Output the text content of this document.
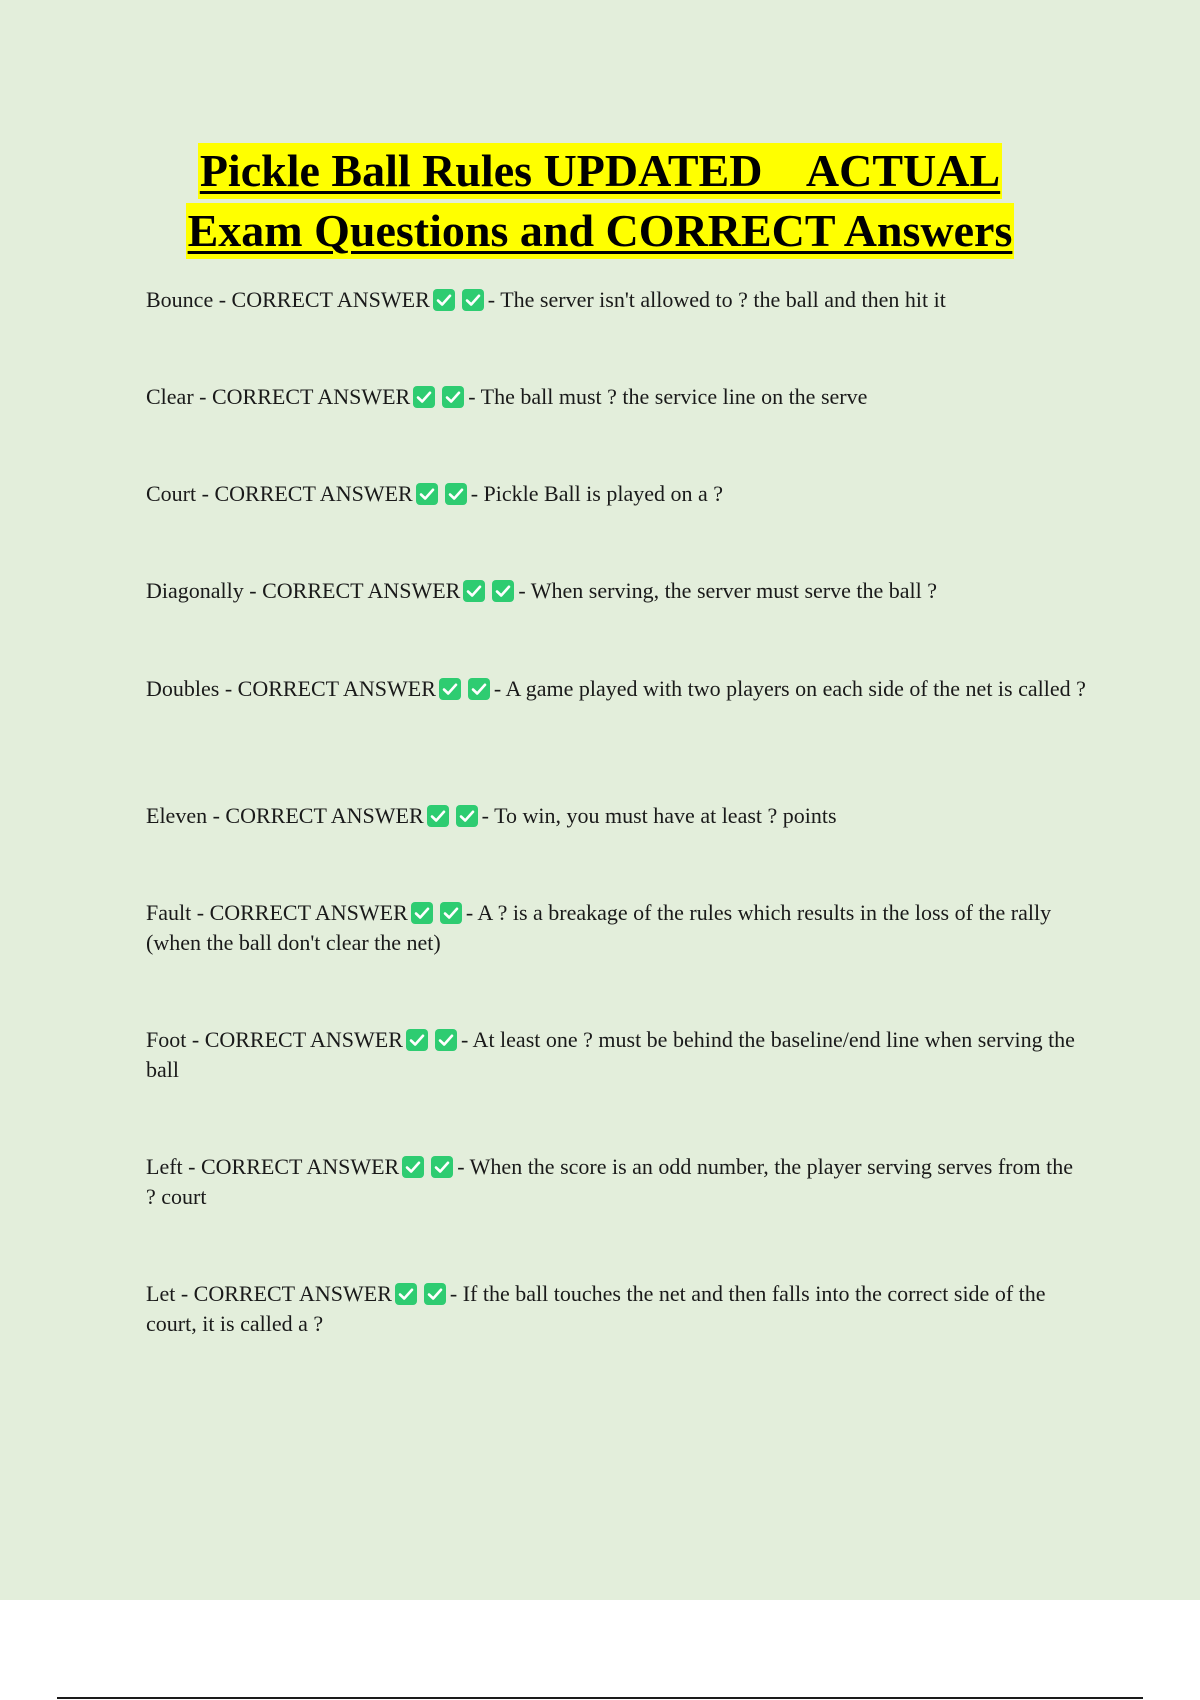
Pickle Ball Rules UPDATED    ACTUAL
Exam Questions and CORRECT Answers
Bounce - CORRECT ANSWER	- The server isn't allowed to ? the ball and then hit it
Clear - CORRECT ANSWER	- The ball must ? the service line on the serve
Court - CORRECT ANSWER	- Pickle Ball is played on a ?
Diagonally - CORRECT ANSWER	- When serving, the server must serve the ball ?
Doubles - CORRECT ANSWER	- A game played with two players on each side of the net is called ?
Eleven - CORRECT ANSWER	- To win, you must have at least ? points
Fault - CORRECT ANSWER	- A ? is a breakage of the rules which results in the loss of the rally (when the ball don't clear the net)
Foot - CORRECT ANSWER	- At least one ? must be behind the baseline/end line when serving the ball
Left - CORRECT ANSWER	- When the score is an odd number, the player serving serves from the ? court
Let - CORRECT ANSWER	- If the ball touches the net and then falls into the correct side of the court, it is called a ?
